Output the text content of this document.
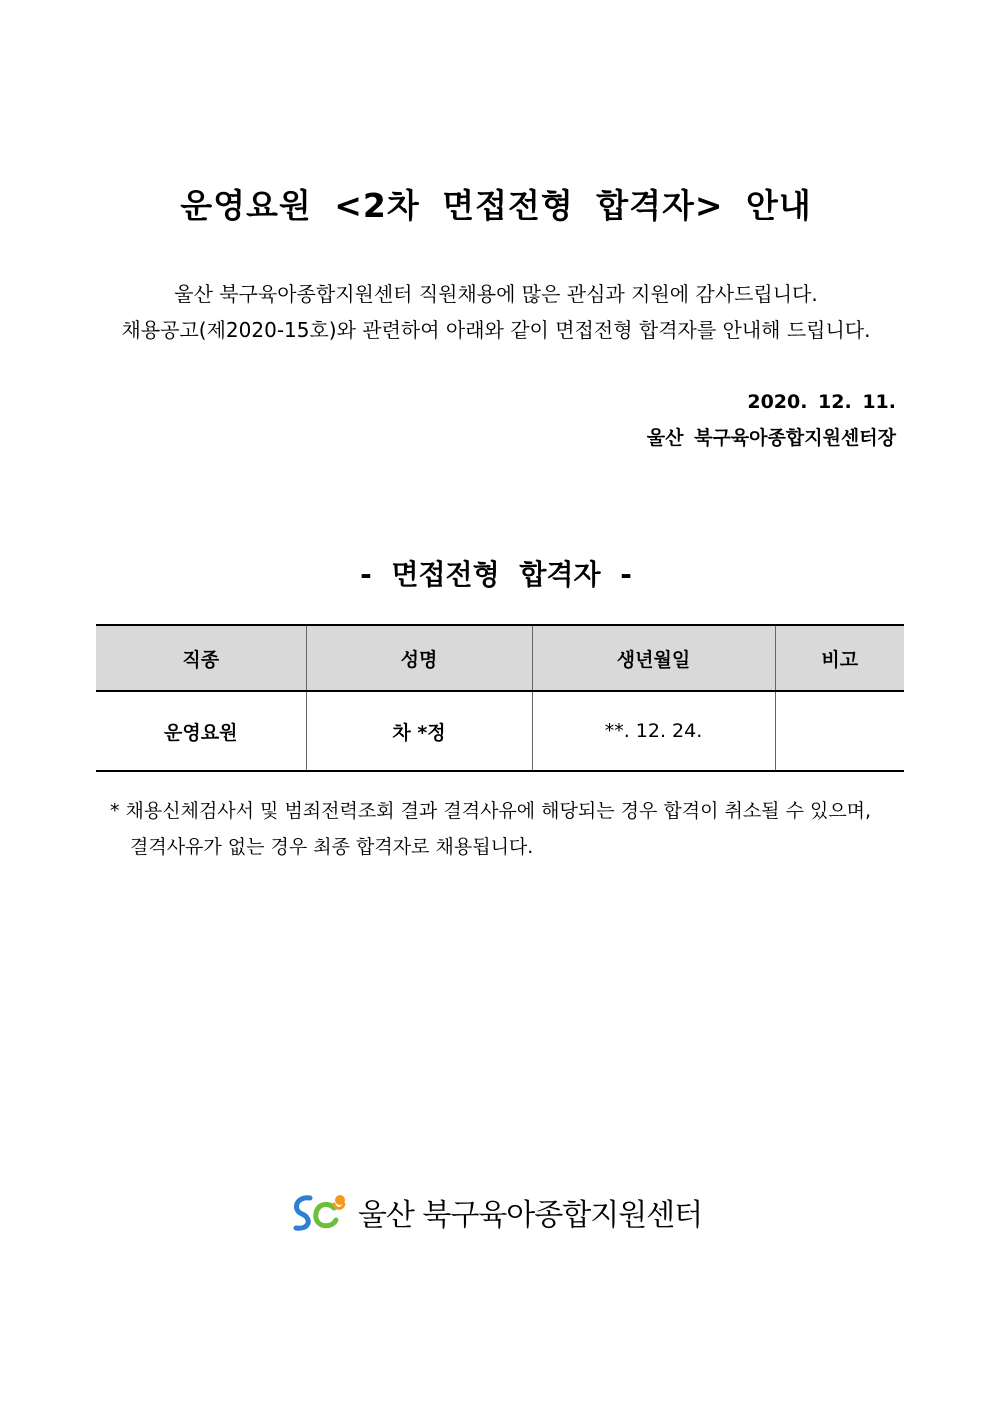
운영요원 <2차 면접전형 합격자> 안내
울산 북구육아종합지원센터 직원채용에 많은 관심과 지원에 감사드립니다.
채용공고(제2020-15호)와 관련하여 아래와 같이 면접전형 합격자를 안내해 드립니다.
2020. 12. 11.
울산 북구육아종합지원센터장
- 면접전형 합격자 -
직종	성명	생년월일	비고
운영요원	차 *정	**. 12. 24.	
* 채용신체검사서 및 범죄전력조회 결과 결격사유에 해당되는 경우 합격이 취소될 수 있으며,
결격사유가 없는 경우 최종 합격자로 채용됩니다.
울산 북구육아종합지원센터
